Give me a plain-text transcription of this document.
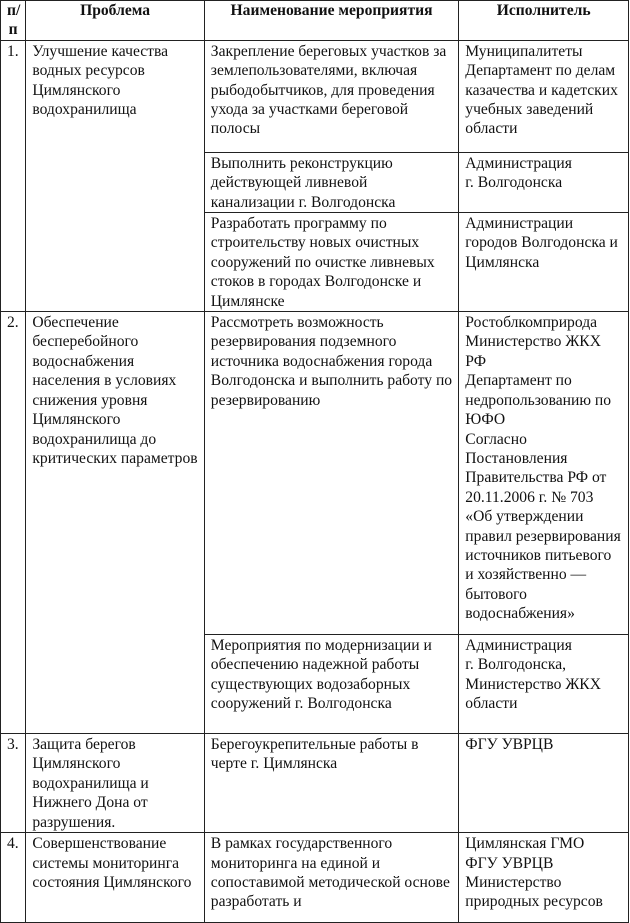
п/п	Проблема	Наименование мероприятия	Исполнитель
1.	Улучшение качества водных ресурсов Цимлянского водохранилища	Закрепление береговых участков за землепользователями, включая рыбодобытчиков, для проведения ухода за участками береговой полосы	Муниципалитеты
Департамент по делам казачества и кадетских учебных заведений области
		Выполнить реконструкцию действующей ливневой канализации г. Волгодонска	Администрация
г. Волгодонска
		Разработать программу по строительству новых очистных сооружений по очистке ливневых стоков в городах Волгодонске и Цимлянске	Администрации городов Волгодонска и Цимлянска
2.	Обеспечение бесперебойного водоснабжения населения в условиях снижения уровня Цимлянского водохранилища до критических параметров	Рассмотреть возможность резервирования подземного источника водоснабжения города Волгодонска и выполнить работу по резервированию	Ростоблкомприрода
Министерство ЖКХ РФ
Департамент по недропользованию по ЮФО
Согласно Постановления Правительства РФ от 20.11.2006 г. № 703 «Об утверждении правил резервирования источников питьевого и хозяйственно — бытового водоснабжения»
		Мероприятия по модернизации и обеспечению надежной работы существующих водозаборных сооружений г. Волгодонска	Администрация
г. Волгодонска,
Министерство ЖКХ области
3.	Защита берегов Цимлянского водохранилища и Нижнего Дона от разрушения.	Берегоукрепительные работы в черте г. Цимлянска	ФГУ УВРЦВ
4.	Совершенствование системы мониторинга состояния Цимлянского	В рамках государственного мониторинга на единой и сопоставимой методической основе разработать и	Цимлянская ГМО
ФГУ УВРЦВ
Министерство природных ресурсов
